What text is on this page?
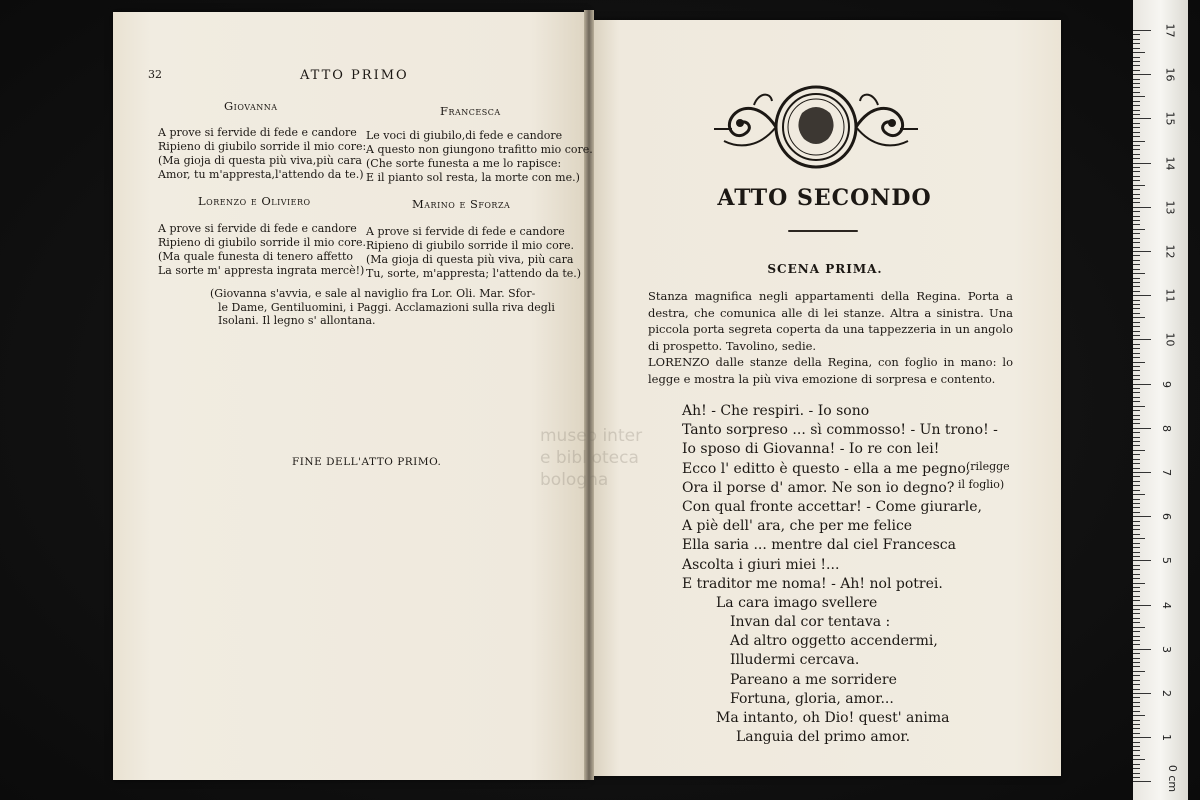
32	ATTO PRIMO
Giovanna	Francesca
A prove si fervide di fede e candore
Ripieno di giubilo sorride il mio core:
(Ma gioja di questa più viva,più cara
Amor, tu m'appresta,l'attendo da te.)
Le voci di giubilo,di fede e candore
A questo non giungono trafitto mio core.
(Che sorte funesta a me lo rapisce:
E il pianto sol resta, la morte con me.)
Lorenzo e Oliviero	Marino e Sforza
A prove si fervide di fede e candore
Ripieno di giubilo sorride il mio core.
(Ma quale funesta di tenero affetto
La sorte m' appresta ingrata mercè!)
A prove si fervide di fede e candore
Ripieno di giubilo sorride il mio core.
(Ma gioja di questa più viva, più cara
Tu, sorte, m'appresta; l'attendo da te.)
(Giovanna s'avvia, e sale al naviglio fra Lor. Oli. Mar. Sfor-
le Dame, Gentiluomini, i Paggi. Acclamazioni sulla riva degli
Isolani. Il legno s' allontana.
FINE DELL'ATTO PRIMO.
museo inter
e biblioteca
bologna
ATTO SECONDO
SCENA PRIMA.

Stanza magnifica negli appartamenti della Regina. Porta a destra, che comunica alle di lei stanze. Altra a sinistra. Una piccola porta segreta coperta da una tappezzeria in un angolo di prospetto. Tavolino, sedie.

LORENZO dalle stanze della Regina, con foglio in mano: lo legge e mostra la più viva emozione di sorpresa e contento.

Ah! - Che respiri. - Io sono
Tanto sorpreso ... sì commosso! - Un trono! -
Io sposo di Giovanna! - Io re con lei!
Ecco l' editto è questo - ella a me pegno,
Ora il porse d' amor. Ne son io degno?
Con qual fronte accettar! - Come giurarle,
A piè dell' ara, che per me felice
Ella saria ... mentre dal ciel Francesca
Ascolta i giuri miei !...
E traditor me noma! - Ah! nol potrei.
La cara imago svellere
Invan dal cor tentava :
Ad altro oggetto accendermi,
Illudermi cercava.
Pareano a me sorridere
Fortuna, gloria, amor...
Ma intanto, oh Dio! quest' anima
Languia del primo amor.
(rilegge
il foglio)
17
16
15
14
13
12
11
10
9
8
7
6
5
4
3
2
1
0 cm
